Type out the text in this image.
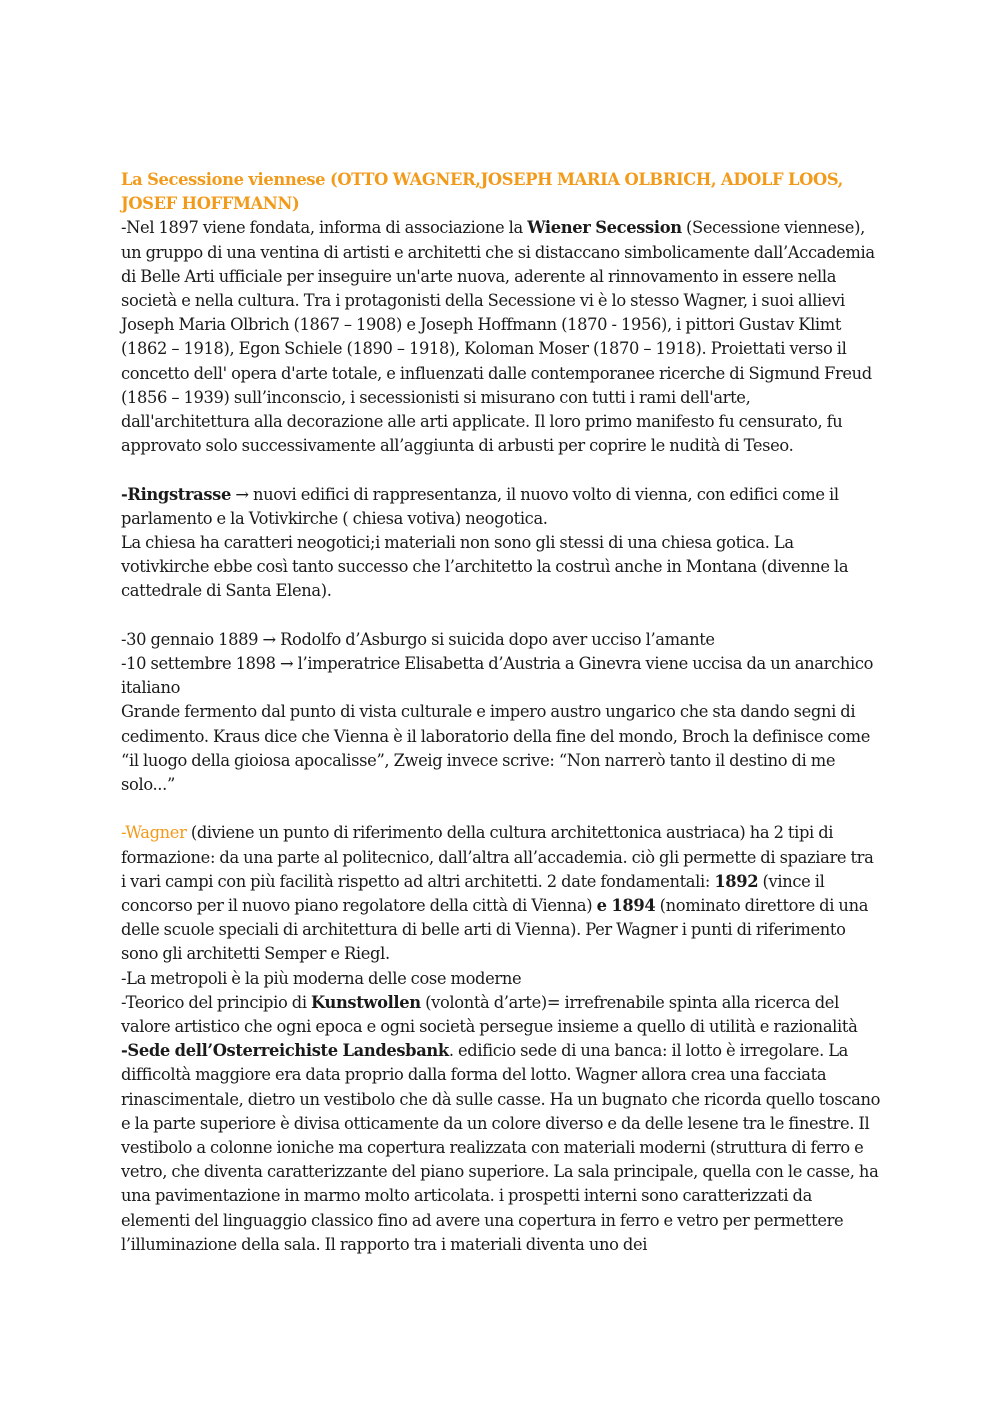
La Secessione viennese (OTTO WAGNER,JOSEPH MARIA OLBRICH, ADOLF LOOS, JOSEF HOFFMANN)

-Nel 1897 viene fondata, informa di associazione la Wiener Secession (Secessione viennese), un gruppo di una ventina di artisti e architetti che si distaccano simbolicamente dall’Accademia di Belle Arti ufficiale per inseguire un'arte nuova, aderente al rinnovamento in essere nella società e nella cultura. Tra i protagonisti della Secessione vi è lo stesso Wagner, i suoi allievi Joseph Maria Olbrich (1867 – 1908) e Joseph Hoffmann (1870 - 1956), i pittori Gustav Klimt (1862 – 1918), Egon Schiele (1890 – 1918), Koloman Moser (1870 – 1918). Proiettati verso il concetto dell' opera d'arte totale, e influenzati dalle contemporanee ricerche di Sigmund Freud (1856 – 1939) sull’inconscio, i secessionisti si misurano con tutti i rami dell'arte, dall'architettura alla decorazione alle arti applicate. Il loro primo manifesto fu censurato, fu approvato solo successivamente all’aggiunta di arbusti per coprire le nudità di Teseo.

-Ringstrasse → nuovi edifici di rappresentanza, il nuovo volto di vienna, con edifici come il parlamento e la Votivkirche ( chiesa votiva) neogotica.

La chiesa ha caratteri neogotici;i materiali non sono gli stessi di una chiesa gotica. La votivkirche ebbe così tanto successo che l’architetto la costruì anche in Montana (divenne la cattedrale di Santa Elena).

-30 gennaio 1889 → Rodolfo d’Asburgo si suicida dopo aver ucciso l’amante

-10 settembre 1898 → l’imperatrice Elisabetta d’Austria a Ginevra viene uccisa da un anarchico italiano

Grande fermento dal punto di vista culturale e impero austro ungarico che sta dando segni di cedimento. Kraus dice che Vienna è il laboratorio della fine del mondo, Broch la definisce come “il luogo della gioiosa apocalisse”, Zweig invece scrive: “Non narrerò tanto il destino di me solo...”

-Wagner (diviene un punto di riferimento della cultura architettonica austriaca) ha 2 tipi di formazione: da una parte al politecnico, dall’altra all’accademia. ciò gli permette di spaziare tra i vari campi con più facilità rispetto ad altri architetti. 2 date fondamentali: 1892 (vince il concorso per il nuovo piano regolatore della città di Vienna) e 1894 (nominato direttore di una delle scuole speciali di architettura di belle arti di Vienna). Per Wagner i punti di riferimento sono gli architetti Semper e Riegl.

-La metropoli è la più moderna delle cose moderne

-Teorico del principio di Kunstwollen (volontà d’arte)= irrefrenabile spinta alla ricerca del valore artistico che ogni epoca e ogni società persegue insieme a quello di utilità e razionalità

-Sede dell’Osterreichiste Landesbank. edificio sede di una banca: il lotto è irregolare. La difficoltà maggiore era data proprio dalla forma del lotto. Wagner allora crea una facciata rinascimentale, dietro un vestibolo che dà sulle casse. Ha un bugnato che ricorda quello toscano e la parte superiore è divisa otticamente da un colore diverso e da delle lesene tra le finestre. Il vestibolo a colonne ioniche ma copertura realizzata con materiali moderni (struttura di ferro e vetro, che diventa caratterizzante del piano superiore. La sala principale, quella con le casse, ha una pavimentazione in marmo molto articolata. i prospetti interni sono caratterizzati da elementi del linguaggio classico fino ad avere una copertura in ferro e vetro per permettere l’illuminazione della sala. Il rapporto tra i materiali diventa uno dei
